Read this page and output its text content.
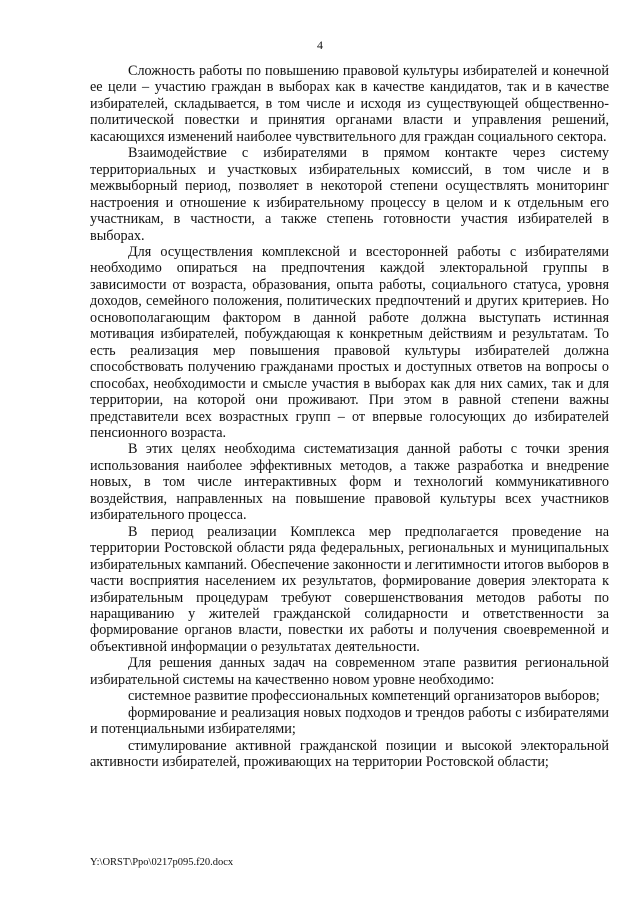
4

Сложность работы по повышению правовой культуры избирателей и конечной ее цели – участию граждан в выборах как в качестве кандидатов, так и в качестве избирателей, складывается, в том числе и исходя из существующей общественно-политической повестки и принятия органами власти и управления решений, касающихся изменений наиболее чувствительного для граждан социального сектора.

Взаимодействие с избирателями в прямом контакте через систему территориальных и участковых избирательных комиссий, в том числе и в межвыборный период, позволяет в некоторой степени осуществлять мониторинг настроения и отношение к избирательному процессу в целом и к отдельным его участникам, в частности, а также степень готовности участия избирателей в выборах.

Для осуществления комплексной и всесторонней работы с избирателями необходимо опираться на предпочтения каждой электоральной группы в зависимости от возраста, образования, опыта работы, социального статуса, уровня доходов, семейного положения, политических предпочтений и других критериев. Но основополагающим фактором в данной работе должна выступать истинная мотивация избирателей, побуждающая к конкретным действиям и результатам. То есть реализация мер повышения правовой культуры избирателей должна способствовать получению гражданами простых и доступных ответов на вопросы о способах, необходимости и смысле участия в выборах как для них самих, так и для территории, на которой они проживают. При этом в равной степени важны представители всех возрастных групп – от впервые голосующих до избирателей пенсионного возраста.

В этих целях необходима систематизация данной работы с точки зрения использования наиболее эффективных методов, а также разработка и внедрение новых, в том числе интерактивных форм и технологий коммуникативного воздействия, направленных на повышение правовой культуры всех участников избирательного процесса.

В период реализации Комплекса мер предполагается проведение на территории Ростовской области ряда федеральных, региональных и муниципальных избирательных кампаний. Обеспечение законности и легитимности итогов выборов в части восприятия населением их результатов, формирование доверия электората к избирательным процедурам требуют совершенствования методов работы по наращиванию у жителей гражданской солидарности и ответственности за формирование органов власти, повестки их работы и получения своевременной и объективной информации о результатах деятельности.

Для решения данных задач на современном этапе развития региональной избирательной системы на качественно новом уровне необходимо:

системное развитие профессиональных компетенций организаторов выборов;

формирование и реализация новых подходов и трендов работы с избирателями и потенциальными избирателями;

стимулирование активной гражданской позиции и высокой электоральной активности избирателей, проживающих на территории Ростовской области;

Y:\ORST\Ppo\0217p095.f20.docx
